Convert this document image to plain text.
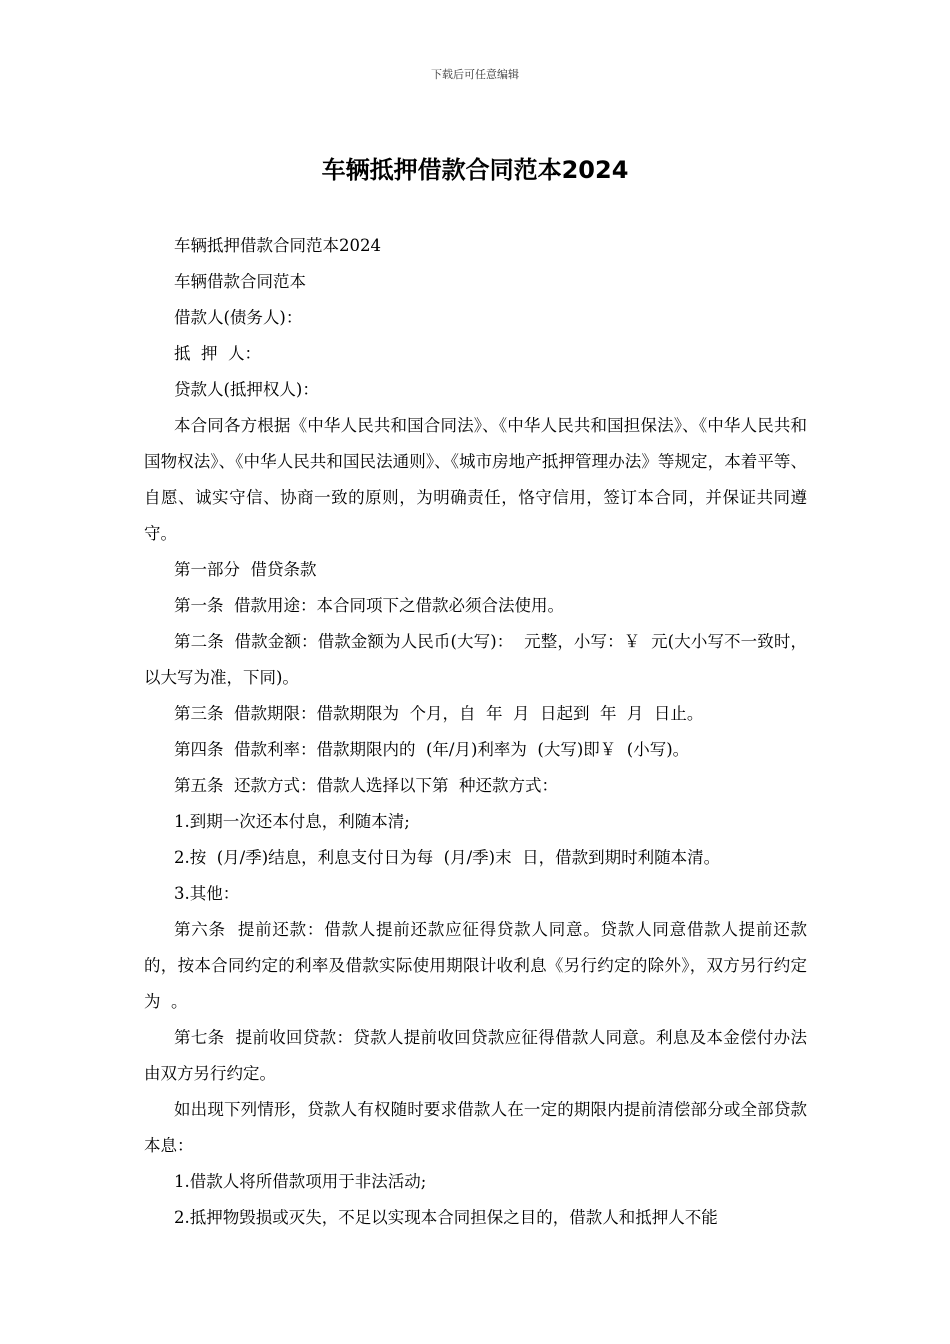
下载后可任意编辑
车辆抵押借款合同范本2024

车辆抵押借款合同范本2024

车辆借款合同范本

借款人(债务人)：

抵  押  人：

贷款人(抵押权人)：

本合同各方根据《中华人民共和国合同法》、《中华人民共和国担保法》、《中华人民共和国物权法》、《中华人民共和国民法通则》、《城市房地产抵押管理办法》等规定，本着平等、自愿、诚实守信、协商一致的原则，为明确责任，恪守信用，签订本合同，并保证共同遵守。

第一部分  借贷条款

第一条  借款用途：本合同项下之借款必须合法使用。

第二条  借款金额：借款金额为人民币(大写)：  元整，小写：￥  元(大小写不一致时，以大写为准，下同)。

第三条  借款期限：借款期限为  个月，自  年  月  日起到  年  月  日止。

第四条  借款利率：借款期限内的  (年/月)利率为  (大写)即￥  (小写)。

第五条  还款方式：借款人选择以下第  种还款方式：

1.到期一次还本付息，利随本清;

2.按  (月/季)结息，利息支付日为每  (月/季)末  日，借款到期时利随本清。

3.其他：

第六条  提前还款：借款人提前还款应征得贷款人同意。贷款人同意借款人提前还款的，按本合同约定的利率及借款实际使用期限计收利息《另行约定的除外》，双方另行约定为  。

第七条  提前收回贷款：贷款人提前收回贷款应征得借款人同意。利息及本金偿付办法由双方另行约定。

如出现下列情形，贷款人有权随时要求借款人在一定的期限内提前清偿部分或全部贷款本息：

1.借款人将所借款项用于非法活动;

2.抵押物毁损或灭失，不足以实现本合同担保之目的，借款人和抵押人不能
